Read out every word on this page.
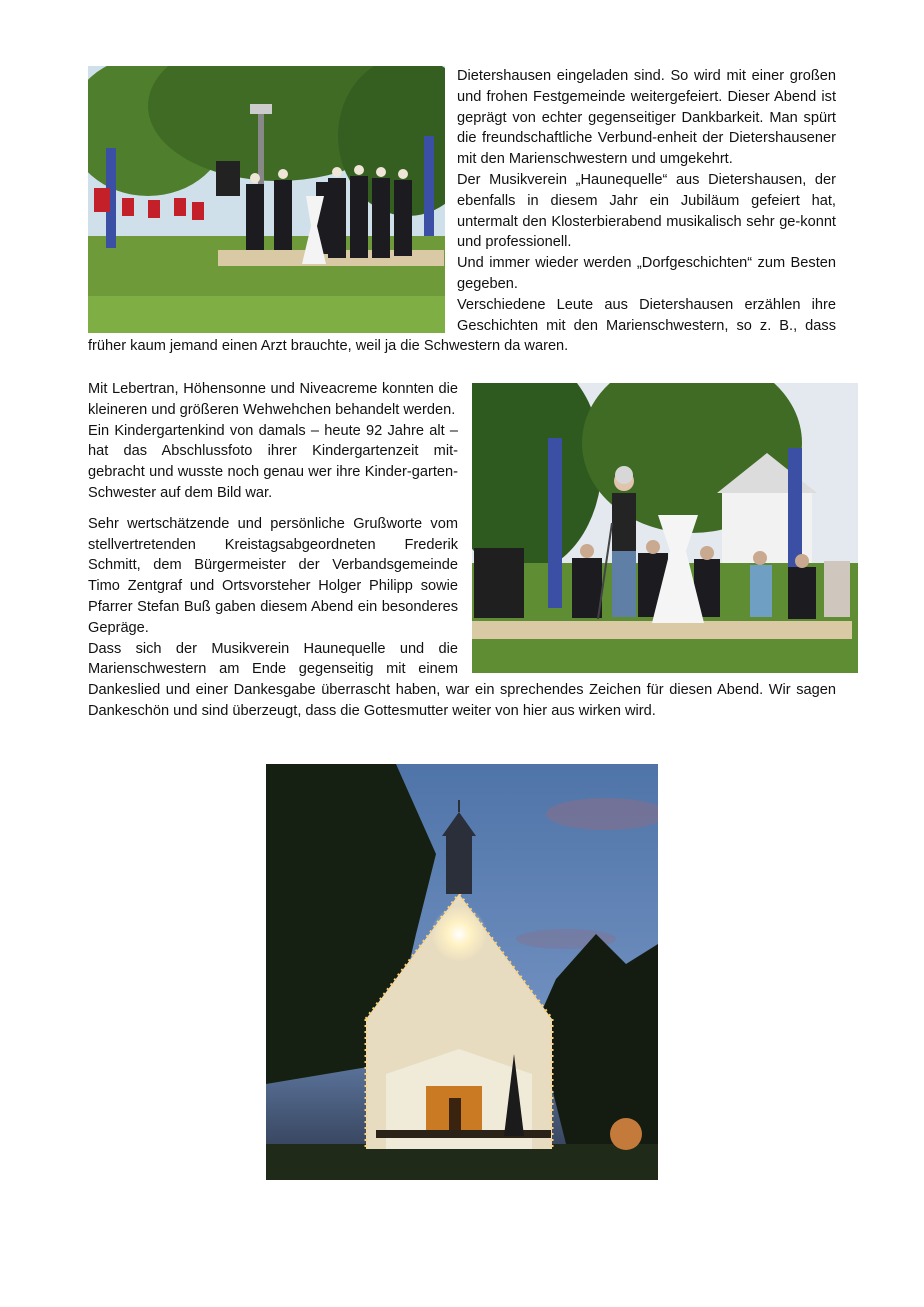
Dietershausen eingeladen sind. So wird mit einer großen und frohen Festgemeinde weitergefeiert. Dieser Abend ist geprägt von echter gegenseitiger Dankbarkeit. Man spürt die freundschaftliche Verbund-enheit der Dietershausener mit den Marienschwestern und umgekehrt.

Der Musikverein „Haunequelle“ aus Dietershausen, der ebenfalls in diesem Jahr ein Jubiläum gefeiert hat, untermalt den Klosterbierabend musikalisch sehr ge-konnt und professionell.

Und immer wieder werden „Dorfgeschichten“ zum Besten gegeben.

Verschiedene Leute aus Dietershausen erzählen ihre Geschichten mit den Marienschwestern, so z. B., dass früher kaum jemand einen Arzt brauchte, weil ja die Schwestern da waren.

Mit Lebertran, Höhensonne und Niveacreme konnten die kleineren und größeren Wehwehchen behandelt werden.

Ein Kindergartenkind von damals – heute 92 Jahre alt – hat das Abschlussfoto ihrer Kindergartenzeit mit-gebracht und wusste noch genau wer ihre Kinder-garten-Schwester auf dem Bild war.

Sehr wertschätzende und persönliche Grußworte vom stellvertretenden Kreistagsabgeordneten Frederik Schmitt, dem Bürgermeister der Verbandsgemeinde Timo Zentgraf und Ortsvorsteher Holger Philipp sowie Pfarrer Stefan Buß gaben diesem Abend ein besonderes Gepräge.

Dass sich der Musikverein Haunequelle und die Marienschwestern am Ende gegenseitig mit einem Dankeslied und einer Dankesgabe überrascht haben, war ein sprechendes Zeichen für diesen Abend. Wir sagen Dankeschön und sind überzeugt, dass die Gottesmutter weiter von hier aus wirken wird.
